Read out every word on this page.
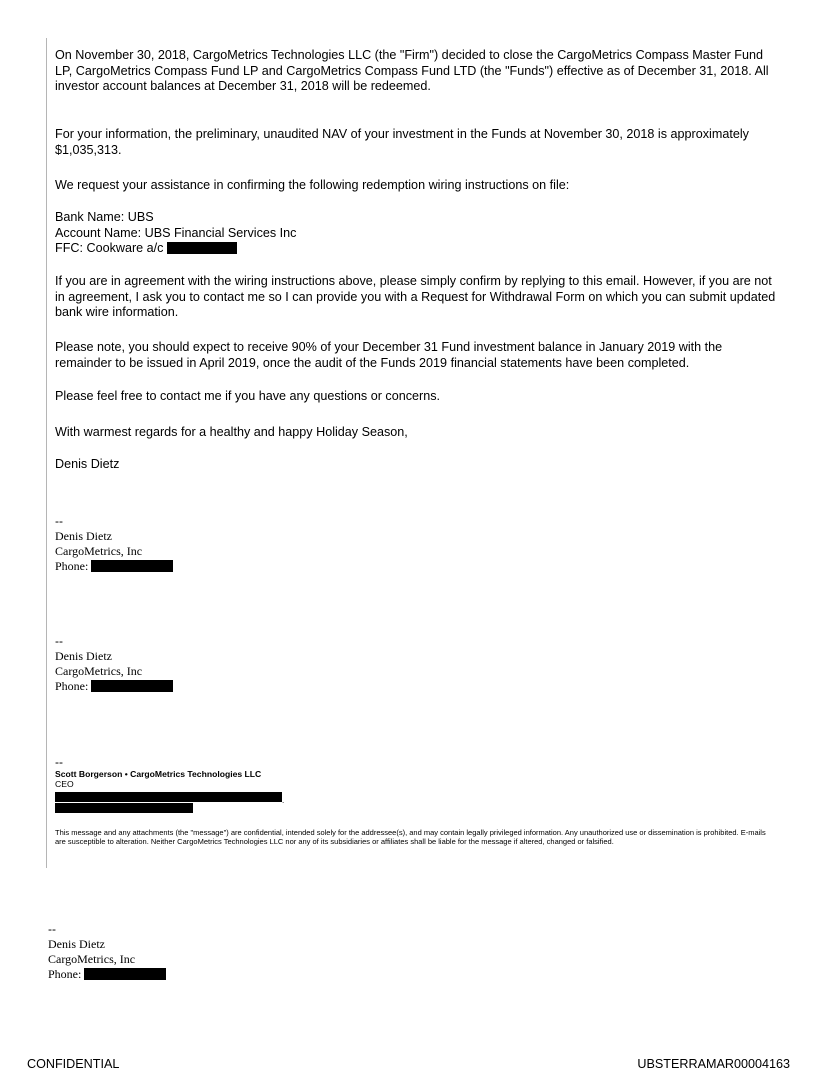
On November 30, 2018, CargoMetrics Technologies LLC (the "Firm") decided to close the CargoMetrics Compass Master Fund LP, CargoMetrics Compass Fund LP and CargoMetrics Compass Fund LTD (the "Funds") effective as of December 31, 2018. All investor account balances at December 31, 2018 will be redeemed.

For your information, the preliminary, unaudited NAV of your investment in the Funds at November 30, 2018 is approximately $1,035,313.

We request your assistance in confirming the following redemption wiring instructions on file:

Bank Name: UBS

Account Name: UBS Financial Services Inc

FFC: Cookware a/c

If you are in agreement with the wiring instructions above, please simply confirm by replying to this email. However, if you are not in agreement, I ask you to contact me so I can provide you with a Request for Withdrawal Form on which you can submit updated bank wire information.

Please note, you should expect to receive 90% of your December 31 Fund investment balance in January 2019 with the remainder to be issued in April 2019, once the audit of the Funds 2019 financial statements have been completed.

Please feel free to contact me if you have any questions or concerns.

With warmest regards for a healthy and happy Holiday Season,

Denis Dietz

--

Denis Dietz

CargoMetrics, Inc

Phone:

--

Denis Dietz

CargoMetrics, Inc

Phone:

--

Scott Borgerson • CargoMetrics Technologies LLC

CEO

.
This message and any attachments (the "message") are confidential, intended solely for the addressee(s), and may contain legally privileged information. Any unauthorized use or dissemination is prohibited. E-mails are susceptible to alteration. Neither CargoMetrics Technologies LLC nor any of its subsidiaries or affiliates shall be liable for the message if altered, changed or falsified.

--

Denis Dietz

CargoMetrics, Inc

Phone:

CONFIDENTIAL	UBSTERRAMAR00004163
